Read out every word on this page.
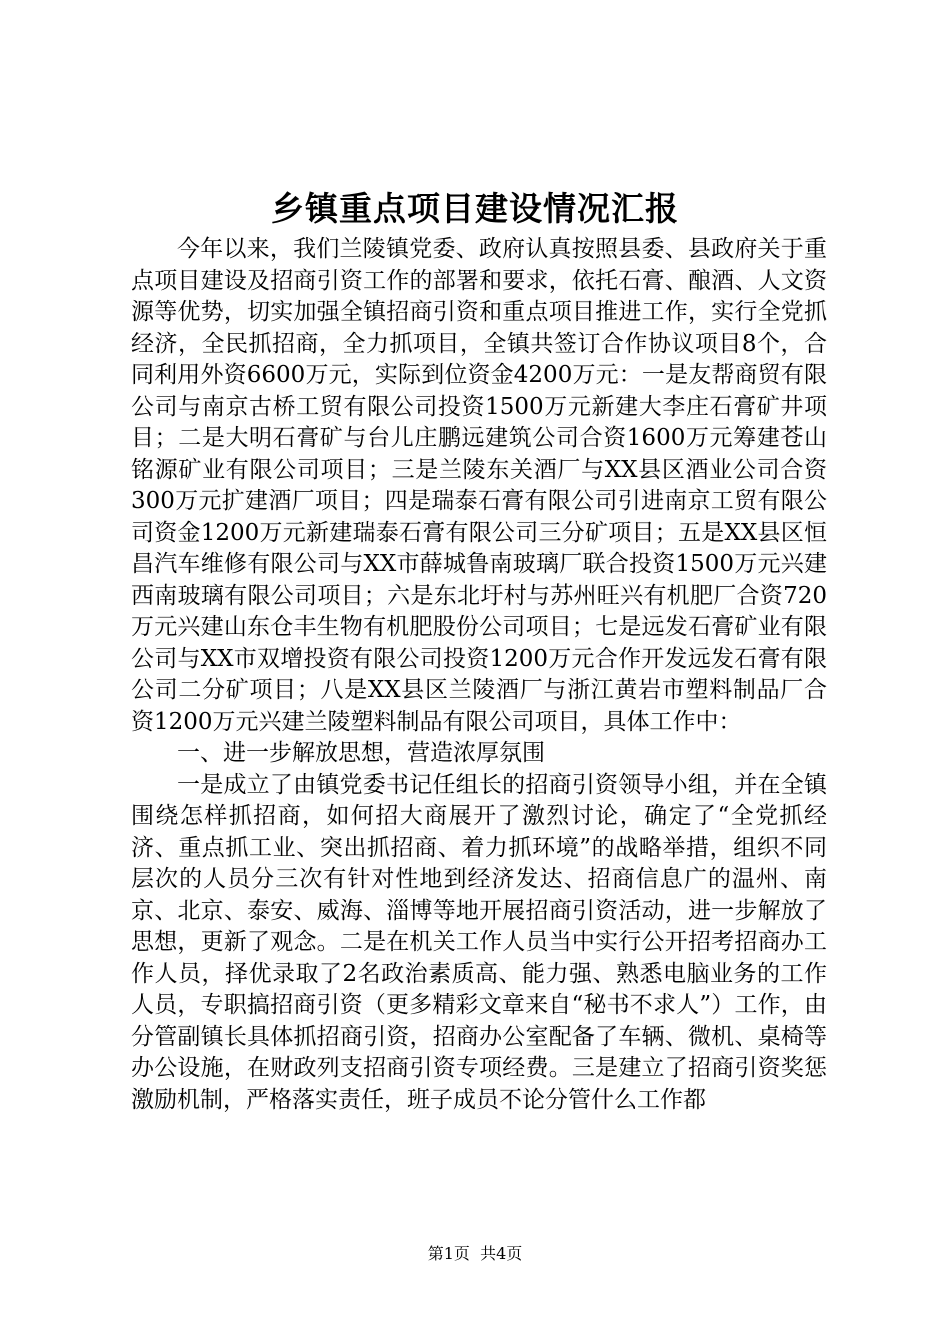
乡镇重点项目建设情况汇报

今年以来，我们兰陵镇党委、政府认真按照县委、县政府关于重点项目建设及招商引资工作的部署和要求，依托石膏、酿酒、人文资源等优势，切实加强全镇招商引资和重点项目推进工作，实行全党抓经济，全民抓招商，全力抓项目，全镇共签订合作协议项目8个，合同利用外资6600万元，实际到位资金4200万元：一是友帮商贸有限公司与南京古桥工贸有限公司投资1500万元新建大李庄石膏矿井项目；二是大明石膏矿与台儿庄鹏远建筑公司合资1600万元筹建苍山铭源矿业有限公司项目；三是兰陵东关酒厂与XX县区酒业公司合资300万元扩建酒厂项目；四是瑞泰石膏有限公司引进南京工贸有限公司资金1200万元新建瑞泰石膏有限公司三分矿项目；五是XX县区恒昌汽车维修有限公司与XX市薛城鲁南玻璃厂联合投资1500万元兴建西南玻璃有限公司项目；六是东北圩村与苏州旺兴有机肥厂合资720万元兴建山东仓丰生物有机肥股份公司项目；七是远发石膏矿业有限公司与XX市双增投资有限公司投资1200万元合作开发远发石膏有限公司二分矿项目；八是XX县区兰陵酒厂与浙江黄岩市塑料制品厂合资1200万元兴建兰陵塑料制品有限公司项目，具体工作中：

一、进一步解放思想，营造浓厚氛围

一是成立了由镇党委书记任组长的招商引资领导小组，并在全镇围绕怎样抓招商，如何招大商展开了激烈讨论，确定了“全党抓经济、重点抓工业、突出抓招商、着力抓环境”的战略举措，组织不同层次的人员分三次有针对性地到经济发达、招商信息广的温州、南京、北京、泰安、威海、淄博等地开展招商引资活动，进一步解放了思想，更新了观念。二是在机关工作人员当中实行公开招考招商办工作人员，择优录取了2名政治素质高、能力强、熟悉电脑业务的工作人员，专职搞招商引资（更多精彩文章来自“秘书不求人”）工作，由分管副镇长具体抓招商引资，招商办公室配备了车辆、微机、桌椅等办公设施，在财政列支招商引资专项经费。三是建立了招商引资奖惩激励机制，严格落实责任，班子成员不论分管什么工作都

第1页 共4页
